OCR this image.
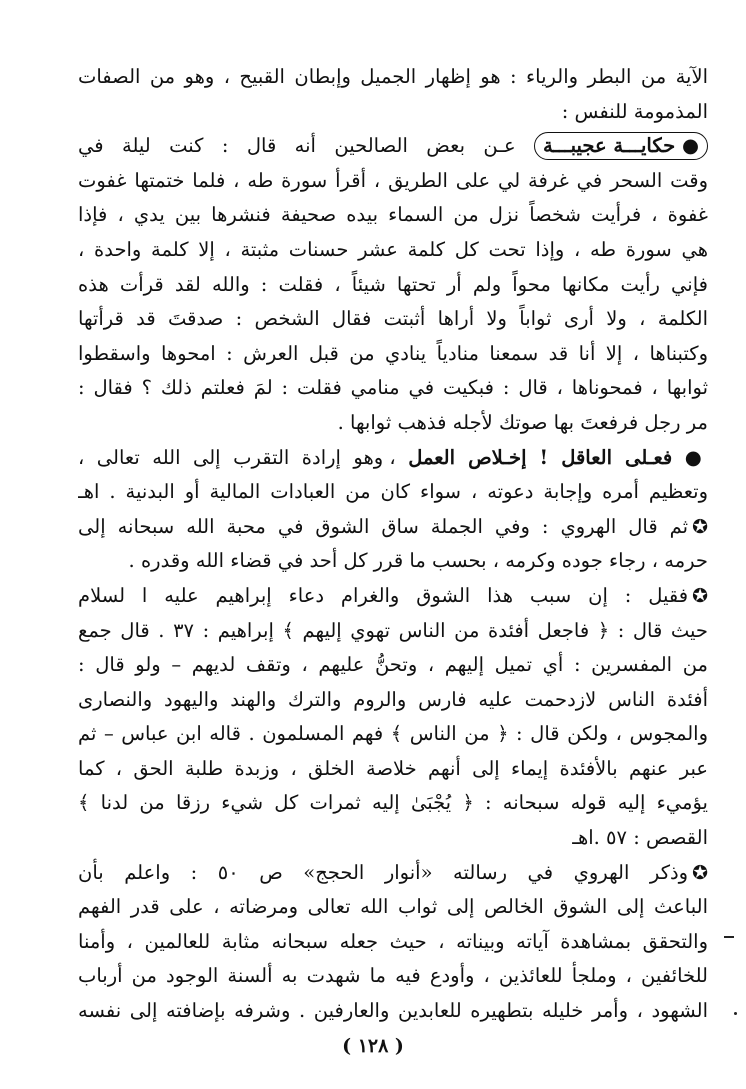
الآية من البطر والرياء : هو إظهار الجميل وإبطان القبيح ، وهو من الصفات
المذمومة للنفس :
● حكايـــة عجيبـــة عـن بعض الصالحين أنه قال : كنت ليلة في
وقت السحر في غرفة لي على الطريق ، أقرأ سورة طه ، فلما ختمتها غفوت
غفوة ، فرأيت شخصاً نزل من السماء بيده صحيفة فنشرها بين يدي ، فإذا
هي سورة طه ، وإذا تحت كل كلمة عشر حسنات مثبتة ، إلا كلمة واحدة ،
فإني رأيت مكانها محواً ولم أر تحتها شيئاً ، فقلت : والله لقد قرأت هذه
الكلمة ، ولا أرى ثواباً ولا أراها أثبتت فقال الشخص : صدقتَ قد قرأتها
وكتبناها ، إلا أنا قد سمعنا منادياً ينادي من قبل العرش : امحوها واسقطوا
ثوابها ، فمحوناها ، قال : فبكيت في منامي فقلت : لمَ فعلتم ذلك ؟ فقال :
مر رجل فرفعتَ بها صوتك لأجله فذهب ثوابها .
● فعـلى العاقل ! إخـلاص العمل ، وهو إرادة التقرب إلى الله تعالى ،
وتعظيم أمره وإجابة دعوته ، سواء كان من العبادات المالية أو البدنية . اهـ
✪ثم قال الهروي : وفي الجملة ساق الشوق في محبة الله سبحانه إلى
حرمه ، رجاء جوده وكرمه ، بحسب ما قرر كل أحد في قضاء الله وقدره .
✪فقيل : إن سبب هذا الشوق والغرام دعاء إبراهيم عليه ا لسلام
حيث قال : ﴿ فاجعل أفئدة من الناس تهوي إليهم ﴾ إبراهيم : ٣٧ . قال جمع
من المفسرين : أي تميل إليهم ، وتحنُّ عليهم ، وتقف لديهم – ولو قال :
أفئدة الناس لازدحمت عليه فارس والروم والترك والهند واليهود والنصارى
والمجوس ، ولكن قال : ﴿ من الناس ﴾ فهم المسلمون . قاله ابن عباس – ثم
عبر عنهم بالأفئدة إيماء إلى أنهم خلاصة الخلق ، وزبدة طلبة الحق ، كما
يؤميء إليه قوله سبحانه : ﴿ يُجْبَىٰ إليه ثمرات كل شيء رزقا من لدنا ﴾
القصص : ٥٧ .اهـ
✪وذكر الهروي في رسالته «أنوار الحجج» ص ٥٠ : واعلم بأن
الباعث إلى الشوق الخالص إلى ثواب الله تعالى ومرضاته ، على قدر الفهم
والتحقق بمشاهدة آياته وبيناته ، حيث جعله سبحانه مثابة للعالمين ، وأمنا
للخائفين ، وملجأ للعائذين ، وأودع فيه ما شهدت به ألسنة الوجود من أرباب
الشهود ، وأمر خليله بتطهيره للعابدين والعارفين . وشرفه بإضافته إلى نفسه
( ١٢٨ )
